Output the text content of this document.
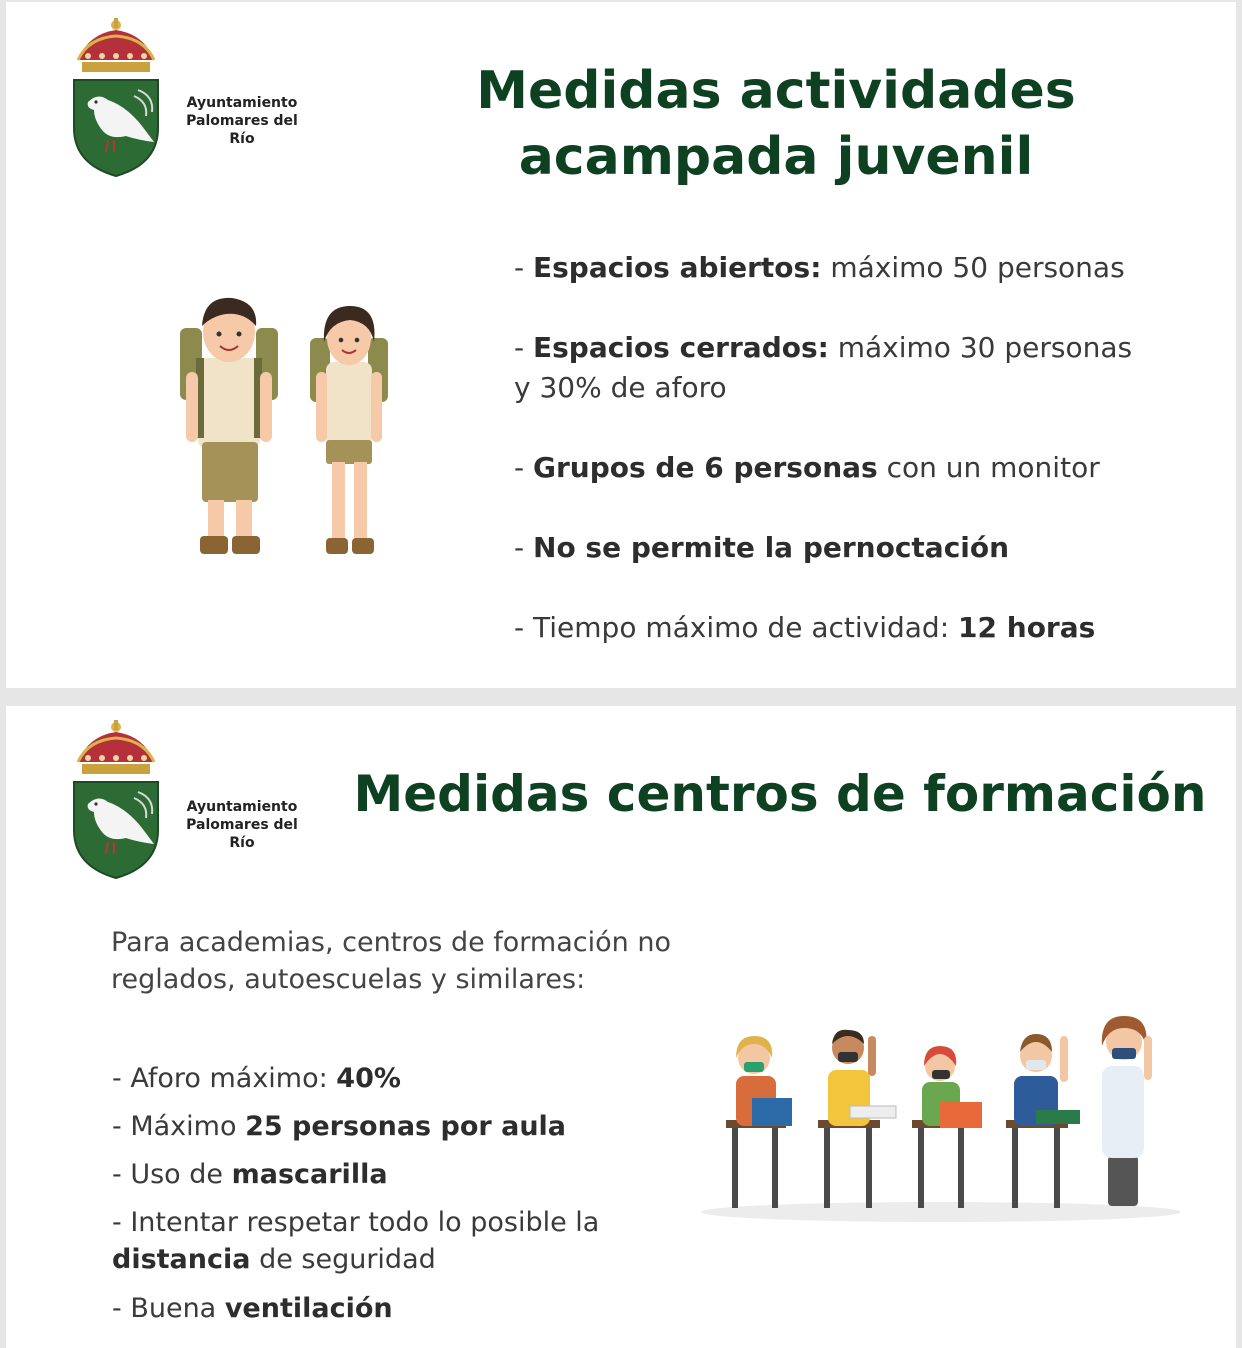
Ayuntamiento
Palomares del Río
Medidas actividades
acampada juvenil
- Espacios abiertos: máximo 50 personas
- Espacios cerrados: máximo 30 personas
y 30% de aforo
- Grupos de 6 personas con un monitor
- No se permite la pernoctación
- Tiempo máximo de actividad: 12 horas
Ayuntamiento
Palomares del Río
Medidas centros de formación
Para academias, centros de formación no
reglados, autoescuelas y similares:
- Aforo máximo: 40%
- Máximo 25 personas por aula
- Uso de mascarilla
- Intentar respetar todo lo posible la
distancia de seguridad
- Buena ventilación
